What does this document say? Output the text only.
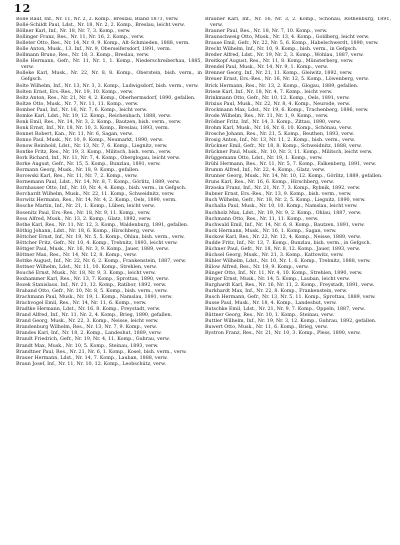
12

Bolle Rauf, Inf., Nr. 11, Nr. 2, 2. Komp., Breslau, Bland 1871, verw.

Bollé-Schildt Paul, Ldst., Nr. 18, Nr. 2, 2. Komp., Breslau, leicht verw.

Böllner Karl, Inf., Nr. 18, Nr. 7, 3. Komp., verw.

Bollinger Franz, Res., Nr. 11, Nr. 16, 2. Komp., verw.

Bolleter Otto, Res., Nr. 14, Nr. 9, 9. Komp., Alt-Schmieden, 1888, verm.

Bolle Anton, Musk., 13. Inf., Nr. 9, Oberseifersdorf, 1891, verm.

Bollmann Bruno, Res., Nr. 18, 3. Komp., Breslau, verw.

Bolle Hermann, Gefr., Nr. 11, Nr. 1, 1. Komp., Niederschreiberhau, 1885, verw.

Bolleke Karl, Musk., Nr. 22, Nr. 8, 8. Komp., Oberstein, bish. verm., in Gefgsch.

Bolte Wilhelm, Inf., Nr. 13, Nr. 3, 3. Komp., Ludwigsdorf, bish. verm., verw.

Bolten Ernst, Ers.-Res., Nr. 19, 10. Komp., verw.

Boltz Anton, Res., Nr. 21, Nr. 4, 2. Komp., Oberhermsdorf, 1890, gefallen.

Boltze Otto, Musk., Nr. 7, Nr. 11, 11. Komp., verw.

Bomber Paul, Inf., Nr. 16, Nr. 7, 6. Komp., leicht verw.

Bomke Karl, Ldst., Nr. 19, 12. Komp., Reichenbach, 1888, verw.

Bonk Emil, Res., Nr. 14, Nr. 3, 2. Komp., Bautzen, bish. verm., verw.

Bonk Ernst, Inf., Nr. 18, Nr. 10, 3. Komp., Breslau, 1893, verm.

Bonnet Robert, Kan., Nr. 11, Nr. 6, Sagan, verw.

Bonno Paul, Musk., Nr. 10, 9. Komp., Neumarkt, 1890, verw.

Bonow Reinhold, Ldst., Nr. 13, Nr. 7, 6. Komp., Liegnitz, verw.

Bontke Fritz, Res., Nr. 19, 3. Komp., Militsch, bish. verm., verw.

Bork Richard, Inf., Nr. 11, Nr. 7, 4. Komp., Oberglogau, leicht verw.

Borke August, Gefr., Nr. 15, 5. Komp., Bunzlau, 1891, verw.

Bormann Georg, Musk., Nr. 18, 9. Komp., gefallen.

Borowski Karl, Res., Nr. 11, Nr. 7, 2. Komp., verw.

Bornemann Paul, Ldst., Nr. 14, Nr. 8, 7. Komp., Görlitz, 1889, verw.

Bornhauser Otto, Inf., Nr. 10, Nr. 4, 4. Komp., bish. verm., in Gefgsch.

Borchardt Wilhelm, Musk., Nr. 22, 11. Komp., Schweidnitz, verw.

Borwitz Hermann, Res., Nr. 14, Nr. 4, 2. Komp., Oels, 1890, verm.

Bosche Martin, Inf., Nr. 21, 1. Komp., Lüben, leicht verw.

Bosenitz Paul, Ers.-Res., Nr. 18, Nr. 9, 11. Komp., verw.

Boss Alfred, Musk., Nr. 13, 2. Komp., Glatz, 1892, verw.

Bothe Karl, Res., Nr. 11, Nr. 12, 3. Komp., Waldenburg, 1891, gefallen.

Böthig Johann, Ldst., Nr. 18, 6. Komp., Hirschberg, verw.

Böttcher Ernst, Inf., Nr. 19, Nr. 5, 5. Komp., Ohlau, bish. verm., verw.

Böttcher Fritz, Gefr., Nr. 10, 4. Komp., Trebnitz, 1893, leicht verw.

Böttger Paul, Musk., Nr. 16, Nr. 3, 9. Komp., Jauer, 1889, verw.

Böttner Max, Res., Nr. 14, Nr. 12, 8. Komp., verw.

Bottke August, Inf., Nr. 22, Nr. 6, 2. Komp., Frankenstein, 1887, verw.

Bottner Wilhelm, Ldst., Nr. 11, 10. Komp., Strehlen, verw.

Bouché Ernst, Musk., Nr. 18, Nr. 9, 3. Komp., leicht verw.

Boxhammer Karl, Res., Nr. 13, 7. Komp., Sprottau, 1890, verw.

Bozek Stanislaus, Inf., Nr. 21, 12. Komp., Ratibor, 1892, verw.

Braband Otto, Gefr., Nr. 10, Nr. 8, 5. Komp., bish. verm., verw.

Brachmann Paul, Musk., Nr. 19, 1. Komp., Namslau, 1891, verw.

Brachvogel Emil, Res., Nr. 14, Nr. 11, 6. Komp., verw.

Bradtke Hermann, Ldst., Nr. 16, 8. Komp., Freystadt, verw.

Brand Alfred, Inf., Nr. 11, Nr. 2, 4. Komp., Brieg, 1890, gefallen.

Brand Georg, Musk., Nr. 22, 3. Komp., Neisse, leicht verw.

Brandenburg Wilhelm, Res., Nr. 13, Nr. 7, 9. Komp., verw.

Brandes Karl, Inf., Nr. 18, 2. Komp., Landeshut, 1889, verw.

Brandt Friedrich, Gefr., Nr. 19, Nr. 4, 11. Komp., Guhrau, verw.

Brandt Max, Musk., Nr. 10, 5. Komp., Steinau, 1893, verw.

Brandtner Paul, Res., Nr. 21, Nr. 6, 1. Komp., Kosel, bish. verm., verw.

Brauer Hermann, Ldst., Nr. 14, 7. Komp., Lauban, 1888, verw.

Braun Josef, Inf., Nr. 11, Nr. 10, 12. Komp., Leobschütz, verw.

Brauner Karl, Inf., Nr. 16, Nr. 3, 2. Komp., Schönau, Rothenburg, 1891, verw.

Brauner Paul, Res., Nr. 18, Nr. 7, 10. Komp., verw.

Braunschweig Otto, Musk., Nr. 13, 4. Komp., Goldberg, leicht verw.

Brause Emil, Gefr., Nr. 22, Nr. 5, 6. Komp., Habelschwerdt, 1890, verw.

Brecht Wilhelm, Inf., Nr. 10, 9. Komp., bish. verm., in Gefgsch.

Breder Alfred, Ldst., Nr. 19, Nr. 2, 3. Komp., Wohlau, 1887, verw.

Breitkopf August, Res., Nr. 11, 8. Komp., Münsterberg, verw.

Brendel Paul, Musk., Nr. 14, Nr. 9, 1. Komp., verw.

Brenner Georg, Inf., Nr. 21, 11. Komp., Gleiwitz, 1892, verw.

Breuer Ernst, Ers.-Res., Nr. 16, Nr. 12, 5. Komp., Löwenberg, verw.

Brick Hermann, Res., Nr. 13, 2. Komp., Glogau, 1889, gefallen.

Briese Karl, Inf., Nr. 18, Nr. 4, 7. Komp., leicht verw.

Brinkmann Otto, Gefr., Nr. 10, 12. Komp., Oels, 1891, verw.

Brixius Paul, Musk., Nr. 22, Nr. 8, 4. Komp., Neurode, verw.

Brockmann Max, Ldst., Nr. 19, 6. Komp., Trachenberg, 1886, verw.

Brode Wilhelm, Res., Nr. 11, Nr. 1, 9. Komp., verw.

Brödner Fritz, Inf., Nr. 14, 3. Komp., Zittau, 1890, verw.

Brohm Karl, Musk., Nr. 16, Nr. 6, 10. Komp., Schönau, verw.

Brosche Johann, Res., Nr. 21, 5. Komp., Beuthen, 1893, verw.

Brosig Anton, Inf., Nr. 13, Nr. 11, 2. Komp., bish. verm., verw.

Brückner Emil, Gefr., Nr. 18, 8. Komp., Schweidnitz, 1888, verw.

Brückner Paul, Musk., Nr. 10, Nr. 3, 11. Komp., Militsch, leicht verw.

Brüggemann Otto, Ldst., Nr. 19, 1. Komp., verw.

Brühl Hermann, Res., Nr. 11, Nr. 5, 7. Komp., Falkenberg, 1891, verw.

Brumm Alfred, Inf., Nr. 22, 4. Komp., Glatz, verw.

Brunner Georg, Musk., Nr. 14, Nr. 10, 12. Komp., Görlitz, 1889, gefallen.

Bruns Karl, Res., Nr. 16, 6. Komp., Hirschberg, verw.

Brzoska Franz, Inf., Nr. 21, Nr. 7, 3. Komp., Rybnik, 1892, verw.

Bubner Ernst, Ers.-Res., Nr. 13, 9. Komp., bish. verm., verw.

Buch Wilhelm, Gefr., Nr. 18, Nr. 2, 5. Komp., Liegnitz, 1890, verw.

Buchalla Paul, Musk., Nr. 10, 10. Komp., Namslau, leicht verw.

Buchholz Max, Ldst., Nr. 19, Nr. 9, 2. Komp., Ohlau, 1887, verw.

Buchmann Otto, Res., Nr. 11, 11. Komp., verw.

Buchwald Emil, Inf., Nr. 14, Nr. 6, 8. Komp., Bautzen, 1891, verw.

Buck Hermann, Musk., Nr. 16, 1. Komp., Sagan, verw.

Buckow Karl, Res., Nr. 22, Nr. 12, 4. Komp., Neisse, 1889, verw.

Budde Fritz, Inf., Nr. 13, 7. Komp., Bunzlau, bish. verm., in Gefgsch.

Büchner Paul, Gefr., Nr. 18, Nr. 8, 12. Komp., Jauer, 1893, verw.

Büchsel Georg, Musk., Nr. 21, 3. Komp., Kattowitz, verw.

Bühler Wilhelm, Ldst., Nr. 10, Nr. 1, 6. Komp., Trebnitz, 1888, verw.

Bülow Alfred, Res., Nr. 19, 9. Komp., verw.

Bünger Otto, Inf., Nr. 11, Nr. 4, 10. Komp., Strehlen, 1890, verw.

Bürger Ernst, Musk., Nr. 14, 5. Komp., Lauban, leicht verw.

Burghardt Karl, Res., Nr. 16, Nr. 11, 2. Komp., Freystadt, 1891, verw.

Burkhardt Max, Inf., Nr. 22, 8. Komp., Frankenstein, verw.

Busch Hermann, Gefr., Nr. 13, Nr. 5, 11. Komp., Sprottau, 1889, verw.

Busse Paul, Musk., Nr. 18, 4. Komp., Landeshut, verw.

Butschke Emil, Ldst., Nr. 21, Nr. 9, 7. Komp., Oppeln, 1887, verw.

Büttner Georg, Res., Nr. 10, 1. Komp., Steinau, verw.

Buttler Wilhelm, Inf., Nr. 19, Nr. 3, 12. Komp., Guhrau, 1892, gefallen.

Buwert Otto, Musk., Nr. 11, 6. Komp., Brieg, verw.

Bystron Franz, Res., Nr. 21, Nr. 10, 3. Komp., Pless, 1890, verw.
